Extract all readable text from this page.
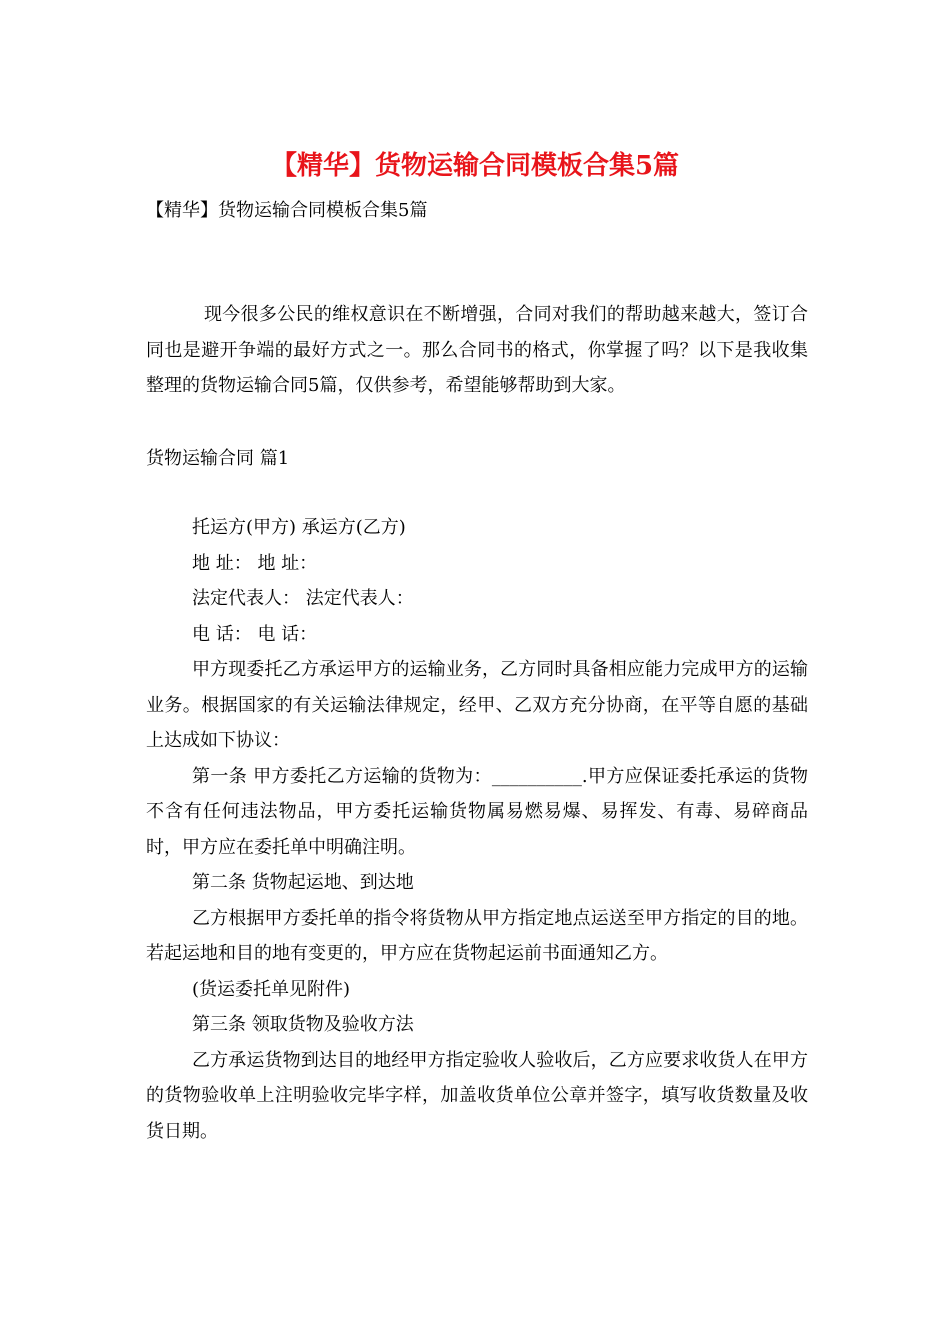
【精华】货物运输合同模板合集5篇
【精华】货物运输合同模板合集5篇

现今很多公民的维权意识在不断增强，合同对我们的帮助越来越大，签订合同也是避开争端的最好方式之一。那么合同书的格式，你掌握了吗？以下是我收集整理的货物运输合同5篇，仅供参考，希望能够帮助到大家。

货物运输合同 篇1

托运方(甲方) 承运方(乙方)

地 址： 地 址：

法定代表人： 法定代表人：

电 话： 电 话：

甲方现委托乙方承运甲方的运输业务，乙方同时具备相应能力完成甲方的运输业务。根据国家的有关运输法律规定，经甲、乙双方充分协商，在平等自愿的基础上达成如下协议：

第一条 甲方委托乙方运输的货物为：__________.甲方应保证委托承运的货物不含有任何违法物品，甲方委托运输货物属易燃易爆、易挥发、有毒、易碎商品时，甲方应在委托单中明确注明。

第二条 货物起运地、到达地

乙方根据甲方委托单的指令将货物从甲方指定地点运送至甲方指定的目的地。若起运地和目的地有变更的，甲方应在货物起运前书面通知乙方。

(货运委托单见附件)

第三条 领取货物及验收方法

乙方承运货物到达目的地经甲方指定验收人验收后，乙方应要求收货人在甲方的货物验收单上注明验收完毕字样，加盖收货单位公章并签字，填写收货数量及收货日期。
